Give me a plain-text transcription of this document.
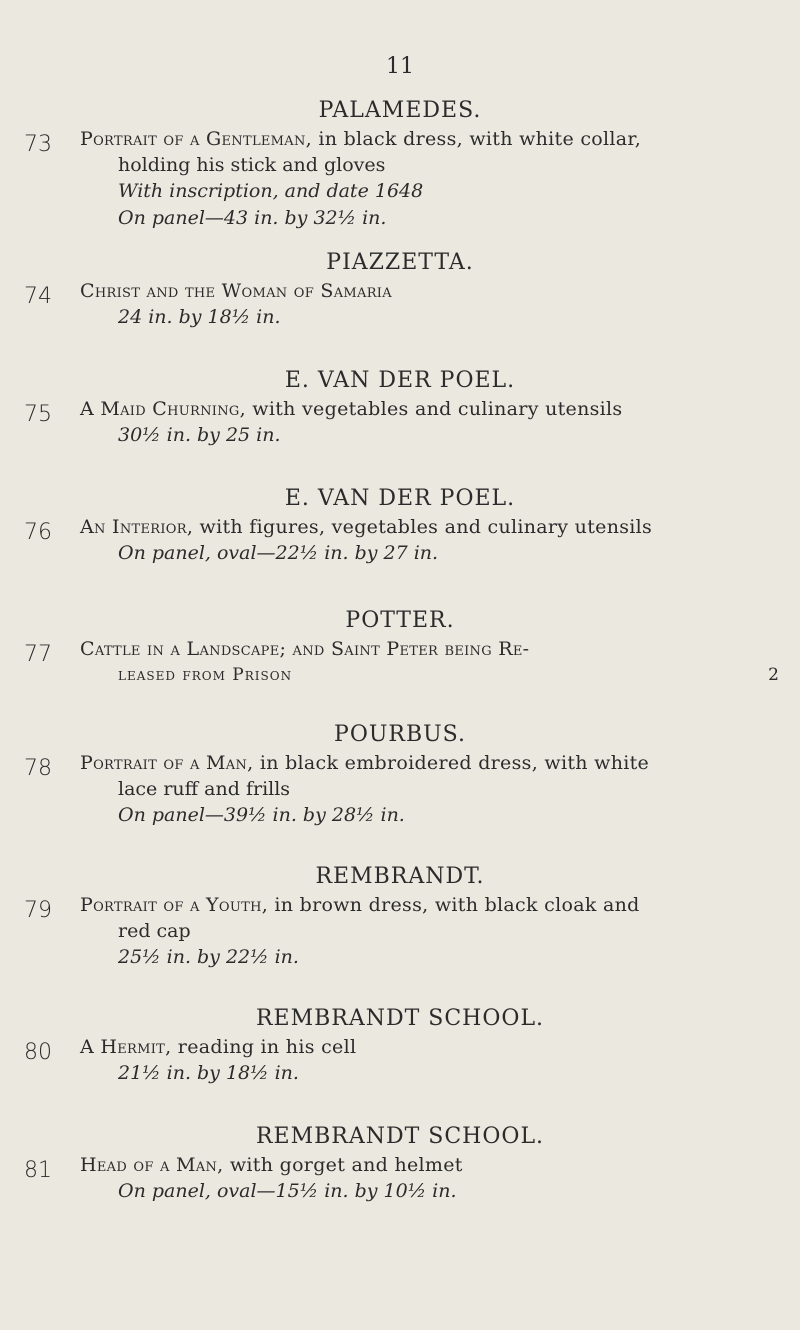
11
73

PALAMEDES.

Portrait of a Gentleman, in black dress, with white collar,
holding his stick and gloves
With inscription, and date 1648
On panel—43 in. by 32½ in.
74

PIAZZETTA.

Christ and the Woman of Samaria
24 in. by 18½ in.
75

E. VAN DER POEL.

A Maid Churning, with vegetables and culinary utensils
30½ in. by 25 in.
76

E. VAN DER POEL.

An Interior, with figures, vegetables and culinary utensils
On panel, oval—22½ in. by 27 in.
77

POTTER.

Cattle in a Landscape; and Saint Peter being Re-
leased from Prison	2
78

POURBUS.

Portrait of a Man, in black embroidered dress, with white
lace ruff and frills
On panel—39½ in. by 28½ in.
79

REMBRANDT.

Portrait of a Youth, in brown dress, with black cloak and
red cap
25½ in. by 22½ in.
80

REMBRANDT SCHOOL.

A Hermit, reading in his cell
21½ in. by 18½ in.
81

REMBRANDT SCHOOL.

Head of a Man, with gorget and helmet
On panel, oval—15½ in. by 10½ in.
